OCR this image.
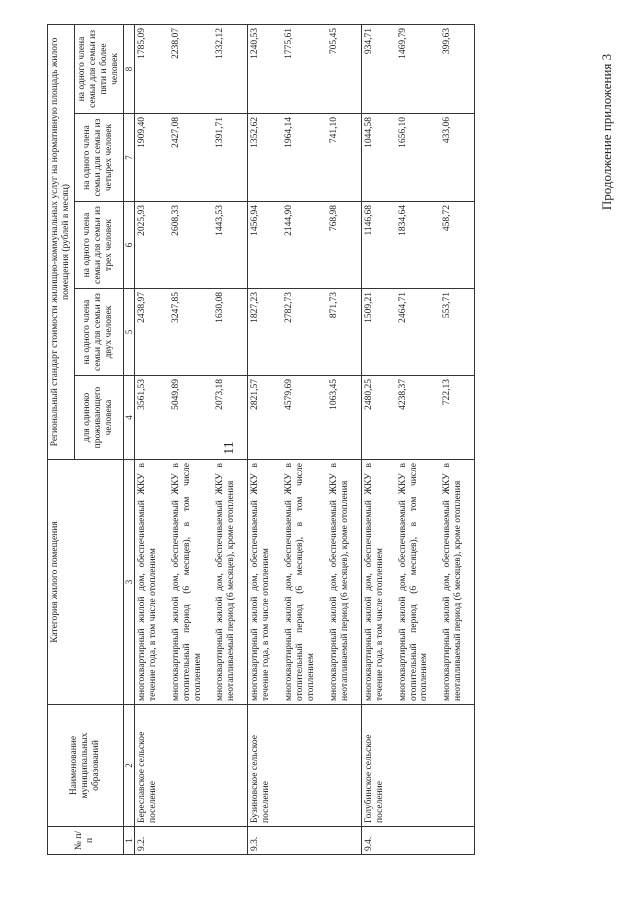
11
Продолжение приложения 3
№ п/п	Наименование муниципальных образований	Категория жилого помещения	Региональный стандарт стоимости жилищно-коммунальных услуг на нормативную площадь жилого помещения (рублей в месяц)				
			для одиноко проживающего человека	на одного члена семьи для семьи из двух человек	на одного члена семьи для семьи из трех человек	на одного члена семьи для семьи из четырех человек	на одного члена семьи для семьи из пяти и более человек
1	2	3	4	5	6	7	8
9.2.	Береславское сельское поселение	многоквартирный жилой дом, обеспечиваемый ЖКУ в течение года, в том числе отоплением	3561,53	2438,97	2025,93	1909,40	1785,09
		многоквартирный жилой дом, обеспечиваемый ЖКУ в отопительный период (6 месяцев), в том числе отоплением	5049,89	3247,85	2608,33	2427,08	2238,07
		многоквартирный жилой дом, обеспечиваемый ЖКУ в неотапливаемый период (6 месяцев), кроме отопления	2073,18	1630,08	1443,53	1391,71	1332,12
9.3.	Бузиновское сельское поселение	многоквартирный жилой дом, обеспечиваемый ЖКУ в течение года, в том числе отоплением	2821,57	1827,23	1456,94	1352,62	1240,53
		многоквартирный жилой дом, обеспечиваемый ЖКУ в отопительный период (6 месяцев), в том числе отоплением	4579,69	2782,73	2144,90	1964,14	1775,61
		многоквартирный жилой дом, обеспечиваемый ЖКУ в неотапливаемый период (6 месяцев), кроме отопления	1063,45	871,73	768,98	741,10	705,45
9.4.	Голубинское сельское поселение	многоквартирный жилой дом, обеспечиваемый ЖКУ в течение года, в том числе отоплением	2480,25	1509,21	1146,68	1044,58	934,71
		многоквартирный жилой дом, обеспечиваемый ЖКУ в отопительный период (6 месяцев), в том числе отоплением	4238,37	2464,71	1834,64	1656,10	1469,79
		многоквартирный жилой дом, обеспечиваемый ЖКУ в неотапливаемый период (6 месяцев), кроме отопления	722,13	553,71	458,72	433,06	399,63
